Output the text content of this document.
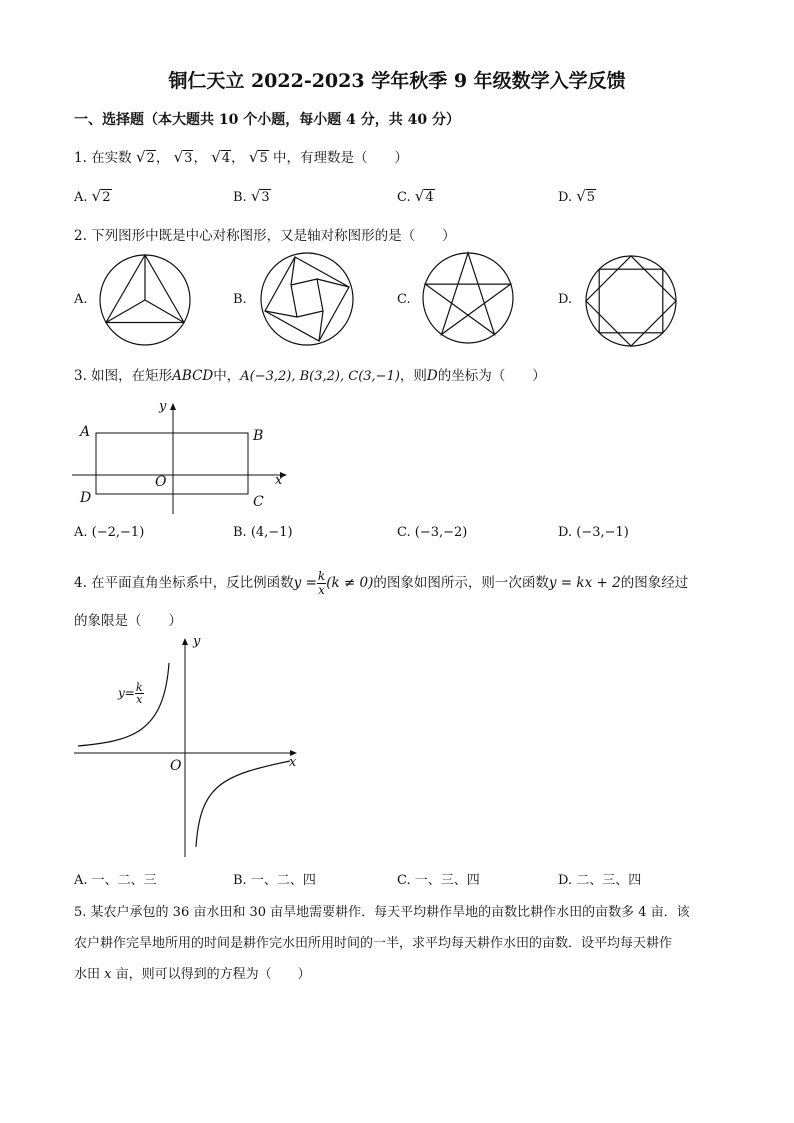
铜仁天立 2022-2023 学年秋季 9 年级数学入学反馈
一、选择题（本大题共 10 个小题，每小题 4 分，共 40 分）
1. 在实数 √2， √3， √4， √5 中，有理数是（　　）
A. √2	B. √3	C. √4	D. √5
2. 下列图形中既是中心对称图形，又是轴对称图形的是（　　）
A.	B.	C.	D.
3. 如图，在矩形ABCD中，A(−3,2), B(3,2), C(3,−1)，则D的坐标为（　　）
A	B
C
D
O	x
y
A. (−2,−1)	B. (4,−1)	C. (−3,−2)	D. (−3,−1)
4. 在平面直角坐标系中，反比例函数$y = \frac{k}{x} (k \ne 0)$的图象如图所示，则一次函数y = kx + 2的图象经过
的象限是（　　）
$y= \frac{k}{x}$
O	x
y
A. 一、二、三	B. 一、二、四	C. 一、三、四	D. 二、三、四
5. 某农户承包的 36 亩水田和 30 亩旱地需要耕作．每天平均耕作旱地的亩数比耕作水田的亩数多 4 亩．该
农户耕作完旱地所用的时间是耕作完水田所用时间的一半，求平均每天耕作水田的亩数．设平均每天耕作
水田 x 亩，则可以得到的方程为（　　）
